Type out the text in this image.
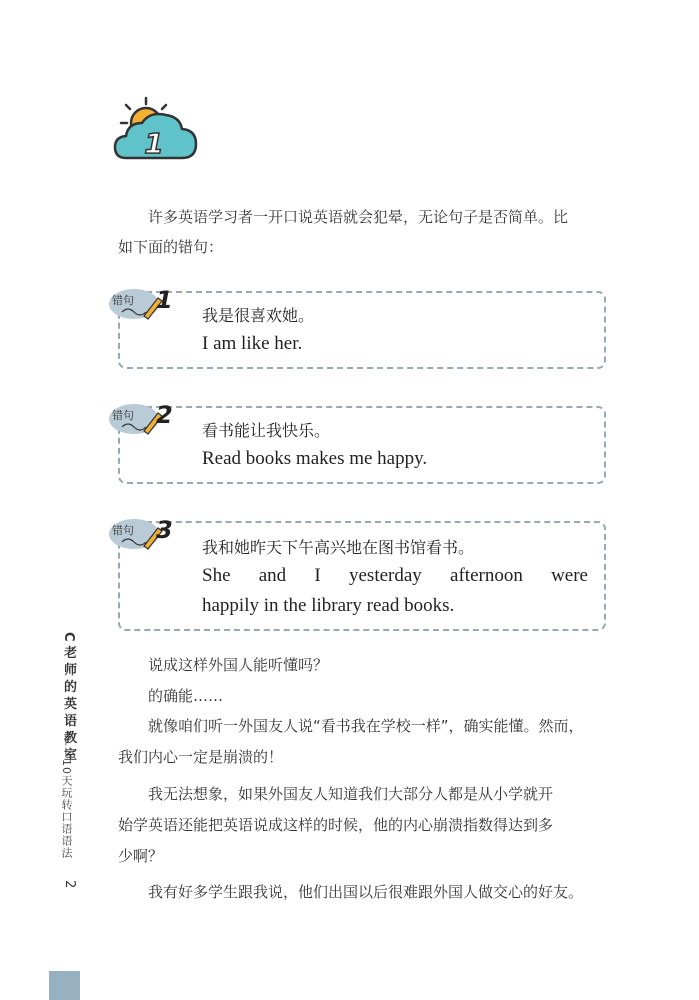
1
许多英语学习者一开口说英语就会犯晕，无论句子是否简单。比
如下面的错句：
我是很喜欢她。
I am like her.
错句 1
看书能让我快乐。
Read books makes me happy.
错句 2
我和她昨天下午高兴地在图书馆看书。
She and I yesterday afternoon were
happily in the library read books.
错句 3
说成这样外国人能听懂吗？
的确能……
就像咱们听一外国友人说“看书我在学校一样”，确实能懂。然而，
我们内心一定是崩溃的！
我无法想象，如果外国友人知道我们大部分人都是从小学就开
始学英语还能把英语说成这样的时候，他的内心崩溃指数得达到多
少啊？
我有好多学生跟我说，他们出国以后很难跟外国人做交心的好友。
C老师的英语教室
——10天玩转口语语法
2
